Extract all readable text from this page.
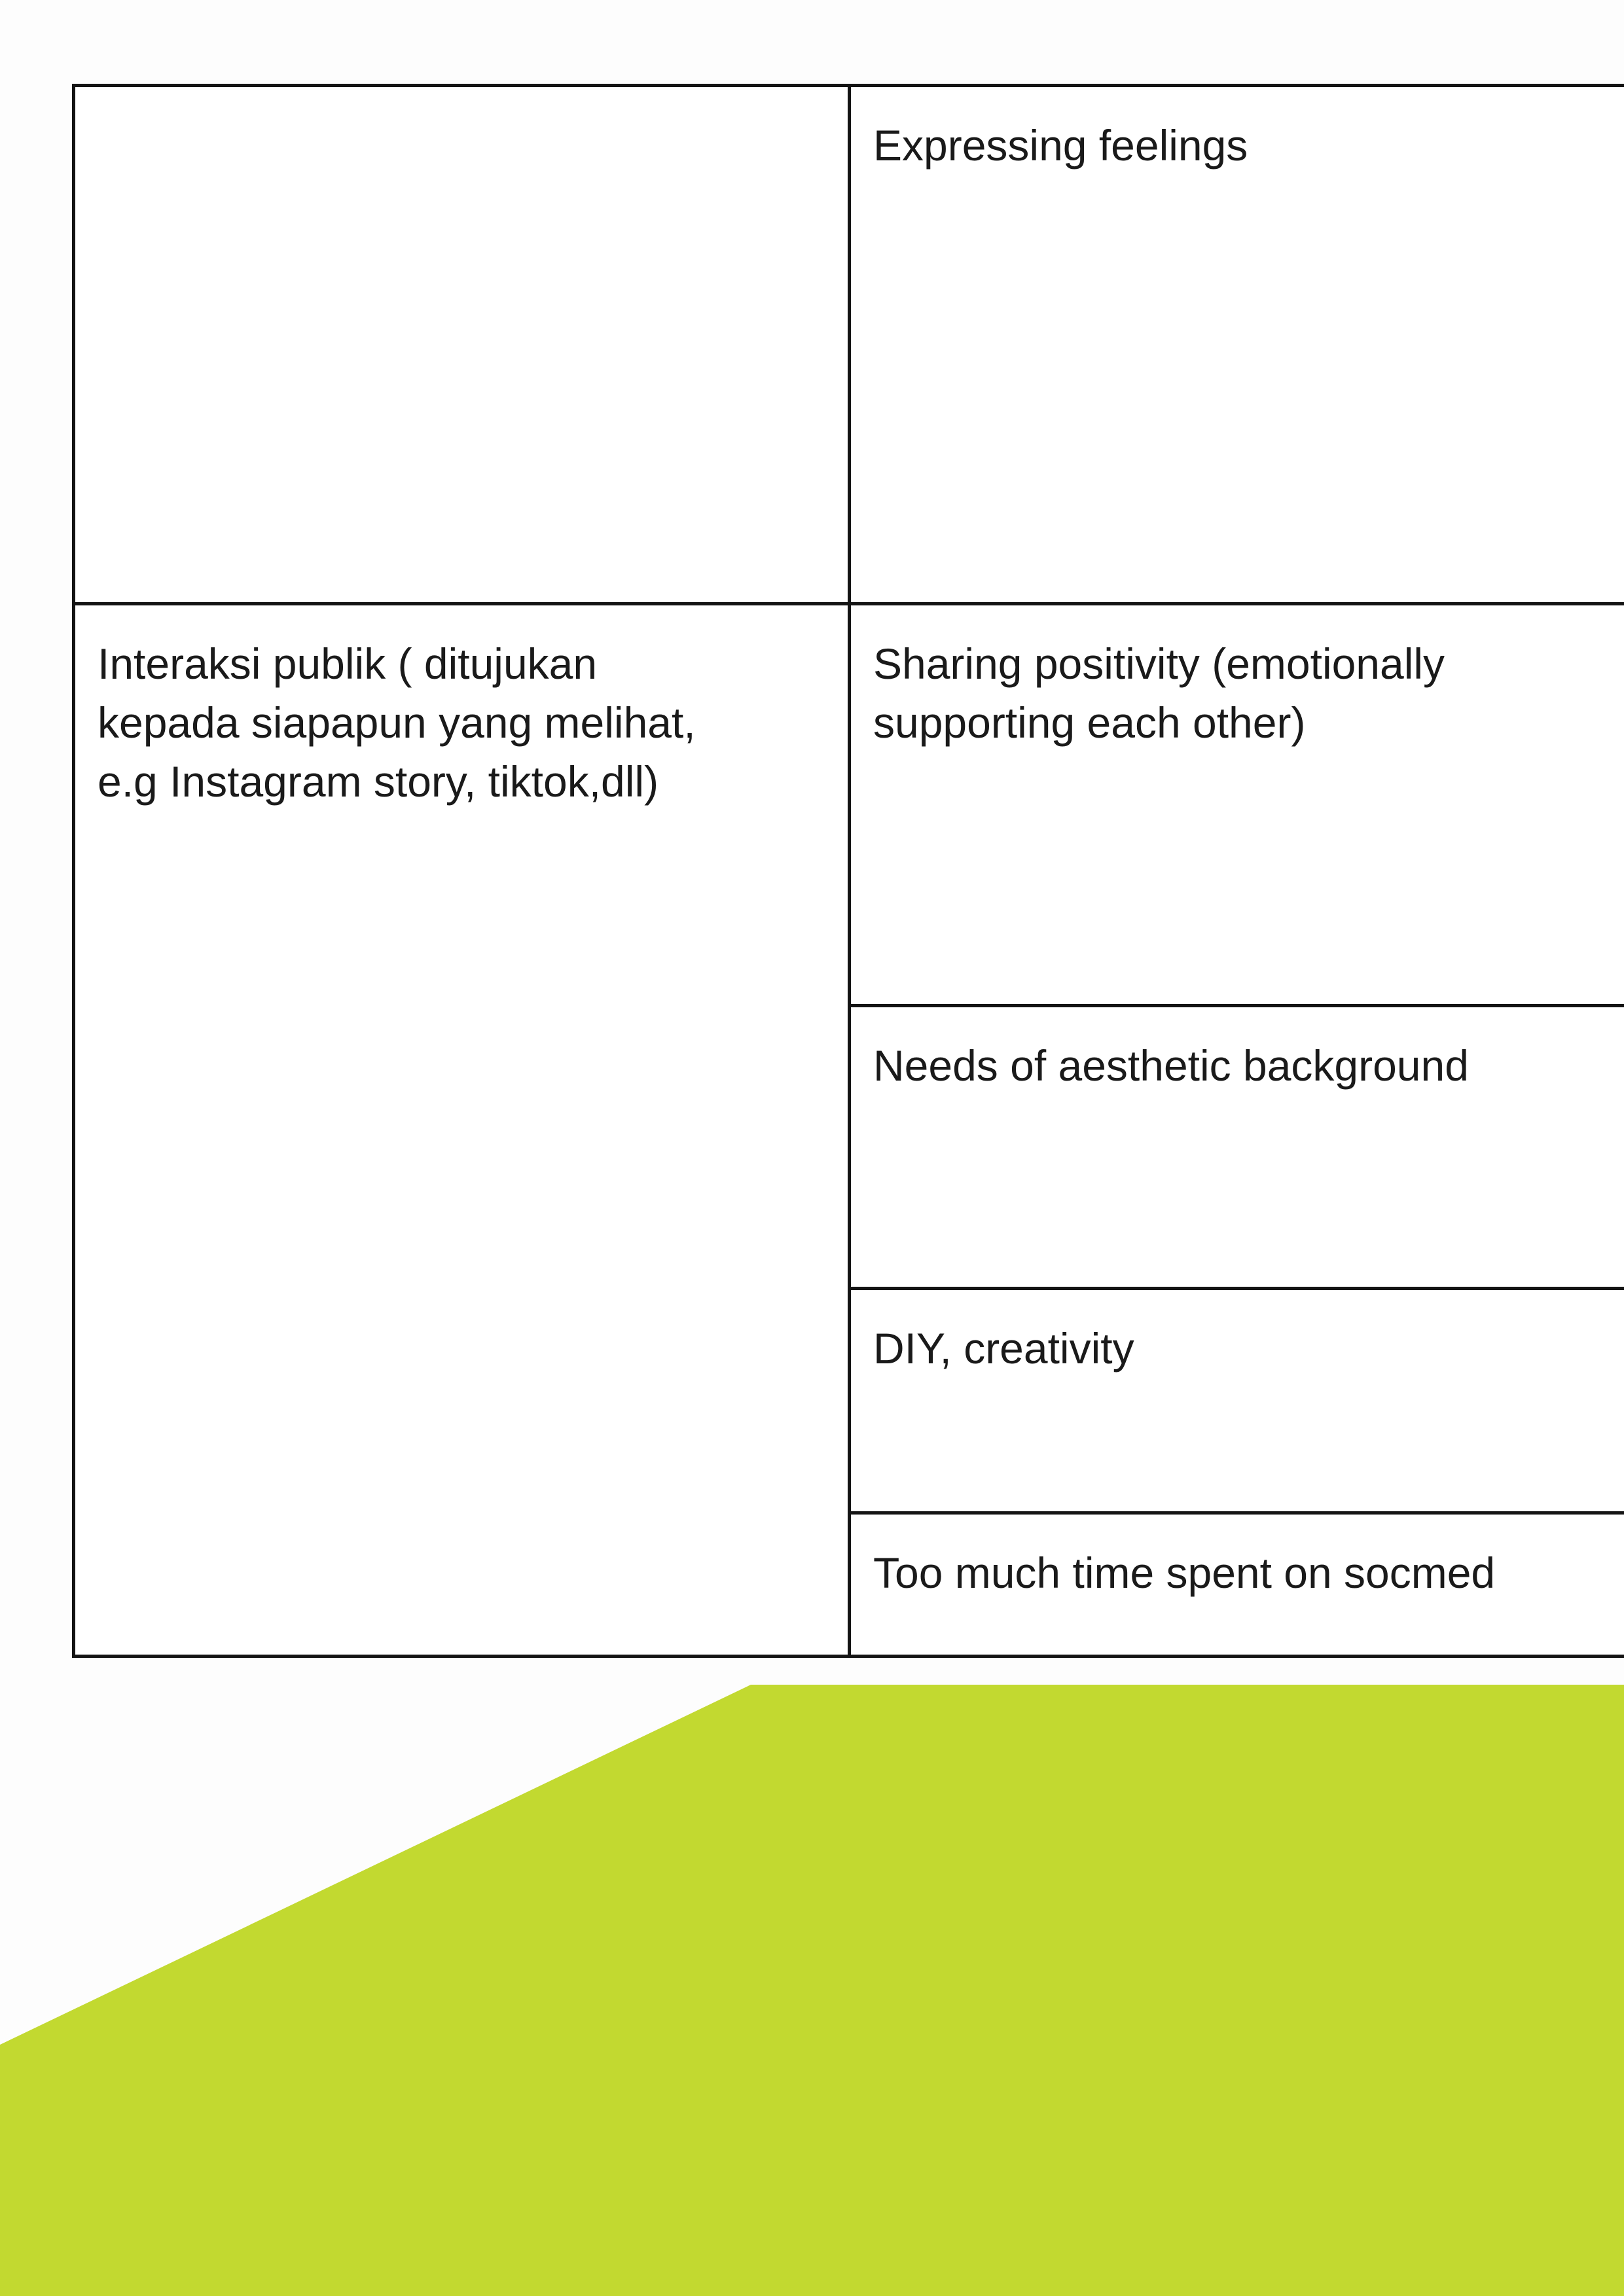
	Expressing feelings

Interaksi publik ( ditujukan
kepada siapapun yang melihat,
e.g Instagram story, tiktok,dll)	Sharing positivity (emotionally
supporting each other)

	Needs of aesthetic background

	DIY, creativity

	Too much time spent on socmed
